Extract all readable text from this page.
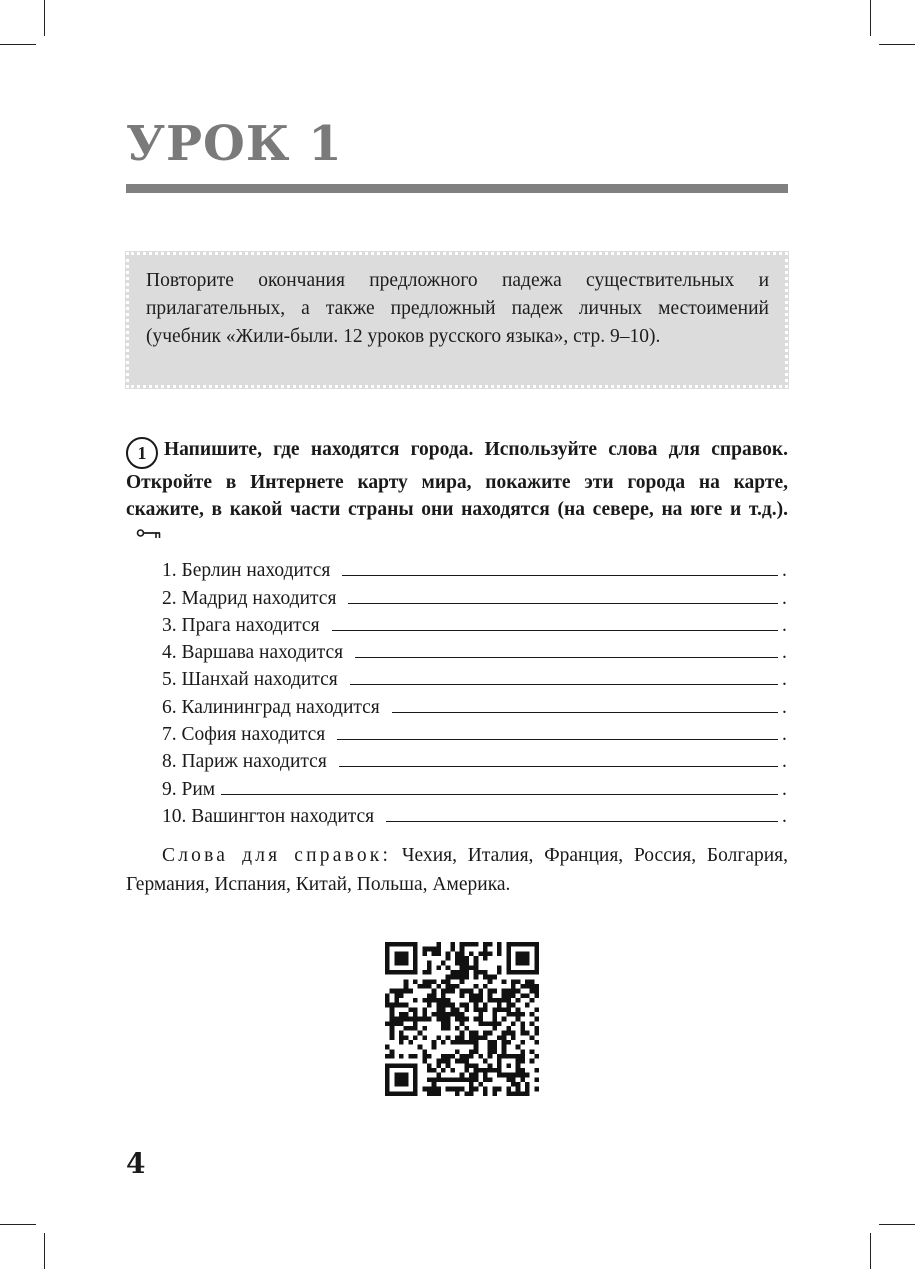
УРОК 1

Повторите окончания предложного падежа существительных и прилагательных, а также предложный падеж личных местоимений (учебник «Жили-были. 12 уроков русского языка», стр. 9–10).

1 Напишите, где находятся города. Используйте слова для справок. Откройте в Интернете карту мира, покажите эти города на карте, скажите, в какой части страны они находятся (на севере, на юге и т.д.).

1. Берлин находится	.
2. Мадрид находится	.
3. Прага находится	.
4. Варшава находится	.
5. Шанхай находится	.
6. Калининград находится	.
7. София находится	.
8. Париж находится	.
9. Рим	.
10. Вашингтон находится	.

Слова для справок: Чехия, Италия, Франция, Россия, Болгария, Германия, Испания, Китай, Польша, Америка.

4
